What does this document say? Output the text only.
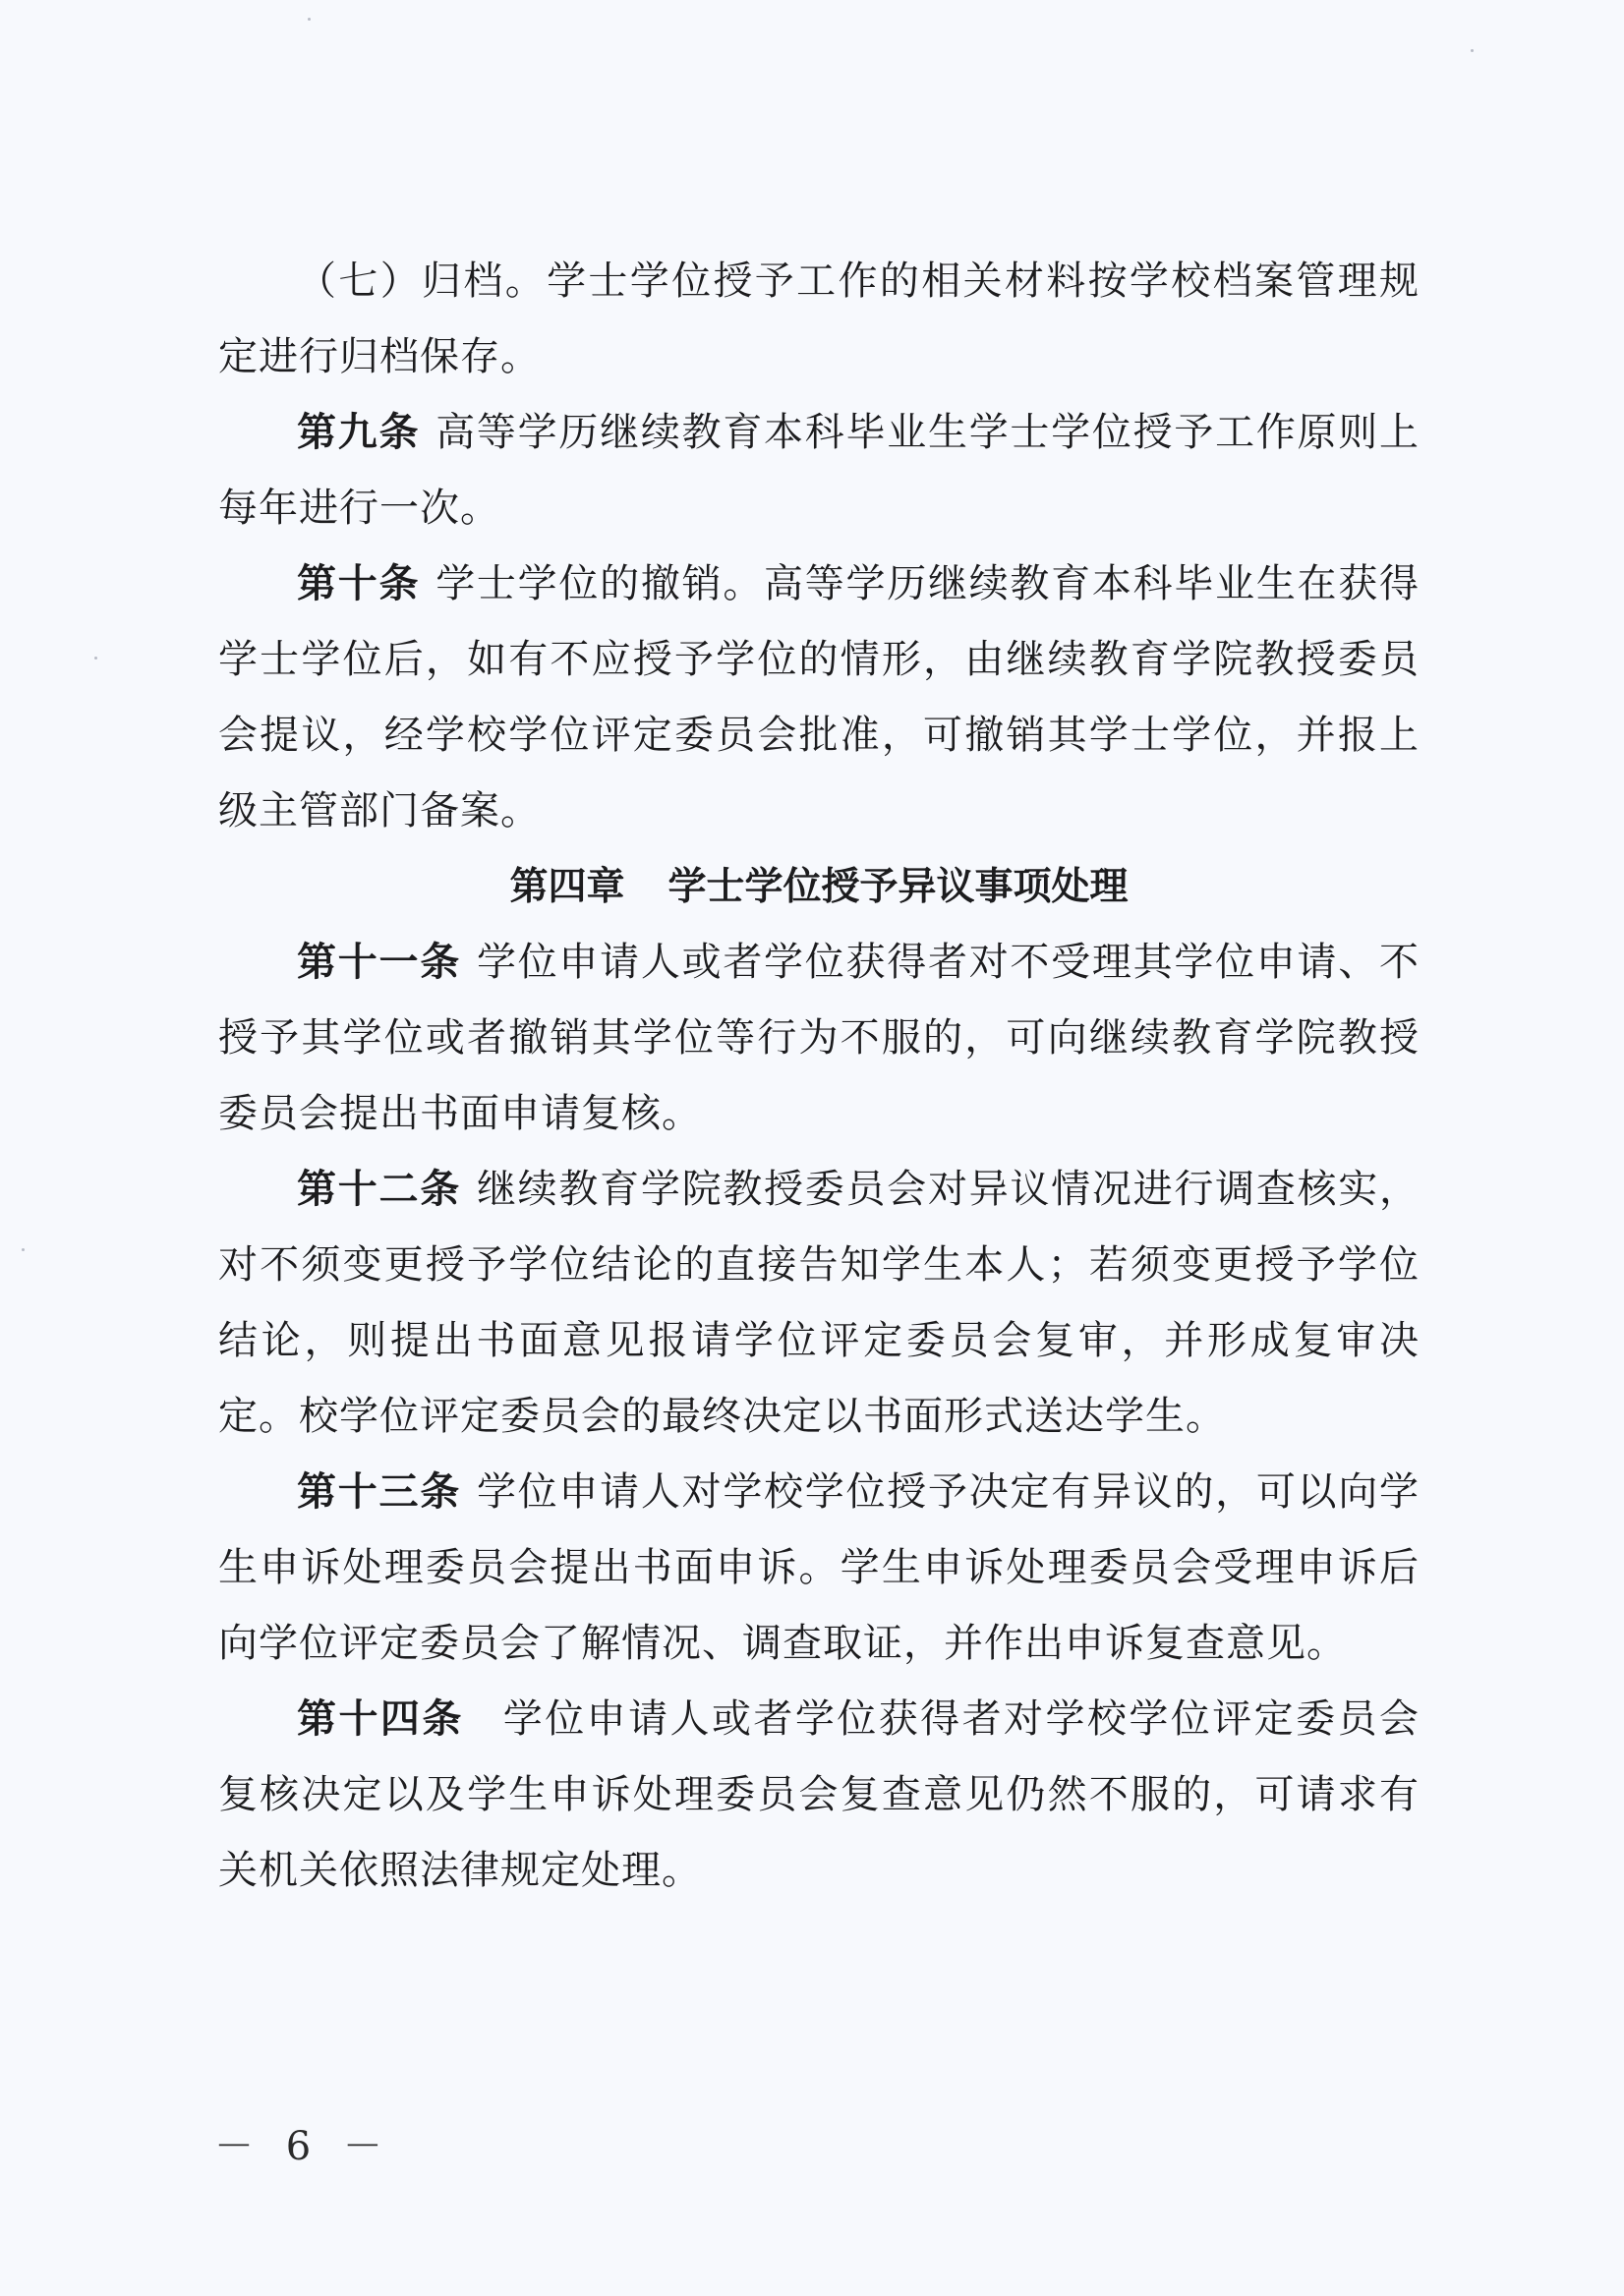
（七）归档。学士学位授予工作的相关材料按学校档案管理规定进行归档保存。

第九条 高等学历继续教育本科毕业生学士学位授予工作原则上每年进行一次。

第十条 学士学位的撤销。高等学历继续教育本科毕业生在获得学士学位后，如有不应授予学位的情形，由继续教育学院教授委员会提议，经学校学位评定委员会批准，可撤销其学士学位，并报上级主管部门备案。

第四章 学士学位授予异议事项处理

第十一条 学位申请人或者学位获得者对不受理其学位申请、不授予其学位或者撤销其学位等行为不服的，可向继续教育学院教授委员会提出书面申请复核。

第十二条 继续教育学院教授委员会对异议情况进行调查核实，对不须变更授予学位结论的直接告知学生本人；若须变更授予学位结论，则提出书面意见报请学位评定委员会复审，并形成复审决定。校学位评定委员会的最终决定以书面形式送达学生。

第十三条 学位申请人对学校学位授予决定有异议的，可以向学生申诉处理委员会提出书面申诉。学生申诉处理委员会受理申诉后向学位评定委员会了解情况、调查取证，并作出申诉复查意见。

第十四条 学位申请人或者学位获得者对学校学位评定委员会复核决定以及学生申诉处理委员会复查意见仍然不服的，可请求有关机关依照法律规定处理。

－ 6 －
